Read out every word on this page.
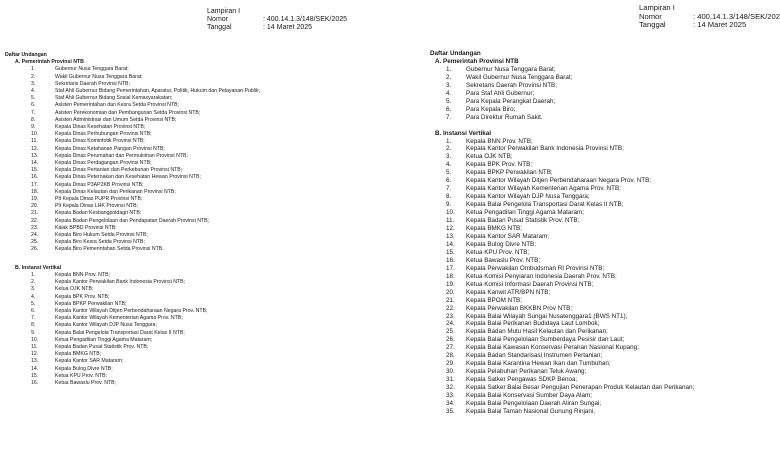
Lampiran I
Nomor	: 400.14.1.3/148/SEK/2025
Tanggal	: 14 Maret 2025
Daftar Undangan
A. Pemerintah Provinsi NTB
1.	Gubernur Nusa Tenggara Barat;
2.	Wakil Gubernur Nusa Tenggara Barat;
3.	Sekretaris Daerah Provinsi NTB;
4.	Staf Ahli Gubernur Bidang Pemerintahan, Aparatur, Politik, Hukum dan Pelayanan Publik;
5.	Staf Ahli Gubernur Bidang Sosial Kemasyarakatan;
6.	Asisten Pemerintahan dan Kesra Setda Provinsi NTB;
7.	Asisten Perekonomian dan Pembangunan Setda Provinsi NTB;
8.	Asisten Administrasi dan Umum Setda Provinsi NTB;
9.	Kepala Dinas Kesehatan Provinsi NTB;
10.	Kepala Dinas Perhubungan Provinsi NTB;
11.	Kepala Dinas Kominfotik Provinsi NTB;
12.	Kepala Dinas Ketahanan Pangan Provinsi NTB;
13.	Kepala Dinas Perumahan dan Permukiman Provinsi NTB;
14.	Kepala Dinas Perdagangan Provinsi NTB;
15.	Kepala Dinas Pertanian dan Perkebunan Provinsi NTB;
16.	Kepala Dinas Peternakan dan Kesehatan Hewan Provinsi NTB;
17.	Kepala Dinas P3AP2KB Provinsi NTB;
18.	Kepala Dinas Kelautan dan Perikanan Provinsi NTB;
19.	Plt Kepala Dinas PUPR Provinsi NTB;
20.	Plt Kepala Dinas LHK Provinsi NTB;
21.	Kepala Badan Kesbangpoldagri NTB;
22.	Kepala Badan Pengelolaan dan Pendapatan Daerah Provinsi NTB;
23.	Kalak BPBD Provinsi NTB;
24.	Kepala Biro Hukum Setda Provinsi NTB;
25.	Kepala Biro Kesra Setda Provinsi NTB;
26.	Kepala Biro Pemerintahan Setda Provinsi NTB.
B. Instansi Vertikal
1.	Kepala BNN Prov. NTB;
2.	Kepala Kantor Perwakilan Bank Indonesia Provinsi NTB;
3.	Ketua OJK NTB;
4.	Kepala BPK Prov. NTB;
5.	Kepala BPKP Perwakilan NTB;
6.	Kepala Kantor Wilayah Ditjen Perbendaharaan Negara Prov. NTB;
7.	Kepala Kantor Wilayah Kementerian Agama Prov. NTB;
8.	Kepala Kantor Wilayah DJP Nusa Tenggara;
9.	Kepala Balai Pengelola Transportasi Darat Kelas II NTB;
10.	Ketua Pengadilan Tinggi Agama Mataram;
11.	Kepala Badan Pusat Statistik Prov. NTB;
12.	Kepala BMKG NTB;
13.	Kepala Kantor SAR Mataram;
14.	Kepala Bulog Divre NTB;
15.	Ketua KPU Prov. NTB;
16.	Ketua Bawaslu Prov. NTB;
Lampiran I
Nomor	: 400.14.1.3/148/SEK/202
Tanggal	: 14 Maret 2025
Daftar Undangan
A. Pemerintah Provinsi NTB
1.	Gubernur Nusa Tenggara Barat;
2.	Wakil Gubernur Nusa Tenggara Barat;
3.	Sekretaris Daerah Provinsi NTB;
4.	Para Staf Ahli Gubernur;
5.	Para Kepala Perangkat Daerah;
6.	Para Kepala Biro;
7.	Para Direktur Rumah Sakit.
B. Instansi Vertikal
1.	Kepala BNN Prov. NTB;
2.	Kepala Kantor Perwakilan Bank Indonesia Provinsi NTB;
3.	Ketua OJK NTB;
4.	Kepala BPK Prov. NTB;
5.	Kepala BPKP Perwakilan NTB;
6.	Kepala Kantor Wilayah Ditjen Perbendaharaan Negara Prov. NTB;
7.	Kepala Kantor Wilayah Kementerian Agama Prov. NTB;
8.	Kepala Kantor Wilayah DJP Nusa Tenggara;
9.	Kepala Balai Pengelola Transportasi Darat Kelas II NTB;
10.	Ketua Pengadilan Tinggi Agama Mataram;
11.	Kepala Badan Pusat Statistik Prov. NTB;
12.	Kepala BMKG NTB;
13.	Kepala Kantor SAR Mataram;
14.	Kepala Bulog Divre NTB;
15.	Ketua KPU Prov. NTB;
16.	Ketua Bawaslu Prov. NTB;
17.	Kepala Perwakilan Ombudsman RI Provinsi NTB;
18.	Ketua Komisi Penyiaran Indonesia Daerah Prov. NTB;
19.	Ketua Komisi Informasi Daerah Provinsi NTB;
20.	Kepala Kanwil ATR/BPN NTB;
21.	Kepala BPOM NTB;
22.	Kepala Perwakilan BKKBN Prov NTB;
23.	Kepala Balai Wilayah Sungai Nusatenggara1 (BWS NT1);
24.	Kepala Balai Perikanan Budidaya Laut Lombok;
25.	Kepala Badan Mutu Hasil Kelautan dan Perikanan;
26.	Kepala Balai Pengelolaan Sumberdaya Pesisir dan Laut;
27.	Kepala Balai Kawasan Konservasi Perairan Nasional Kupang;
28.	Kepala Badan Standarisasi Instrumen Pertanian;
29.	Kepala Balai Karantina Hewan Ikan dan Tumbuhan;
30.	Kepala Pelabuhan Perikanan Teluk Awang;
31.	Kepala Satker Pengawas SDKP Benoa;
32.	Kepala Satker Balai Besar Pengujian Penerapan Produk Kelautan dan Perikanan;
33.	Kepala Balai Konservasi Sumber Daya Alam;
34.	Kepala Balai Pengelolaan Daerah Aliran Sungai;
35.	Kepala Balai Taman Nasional Gunung Rinjani;
